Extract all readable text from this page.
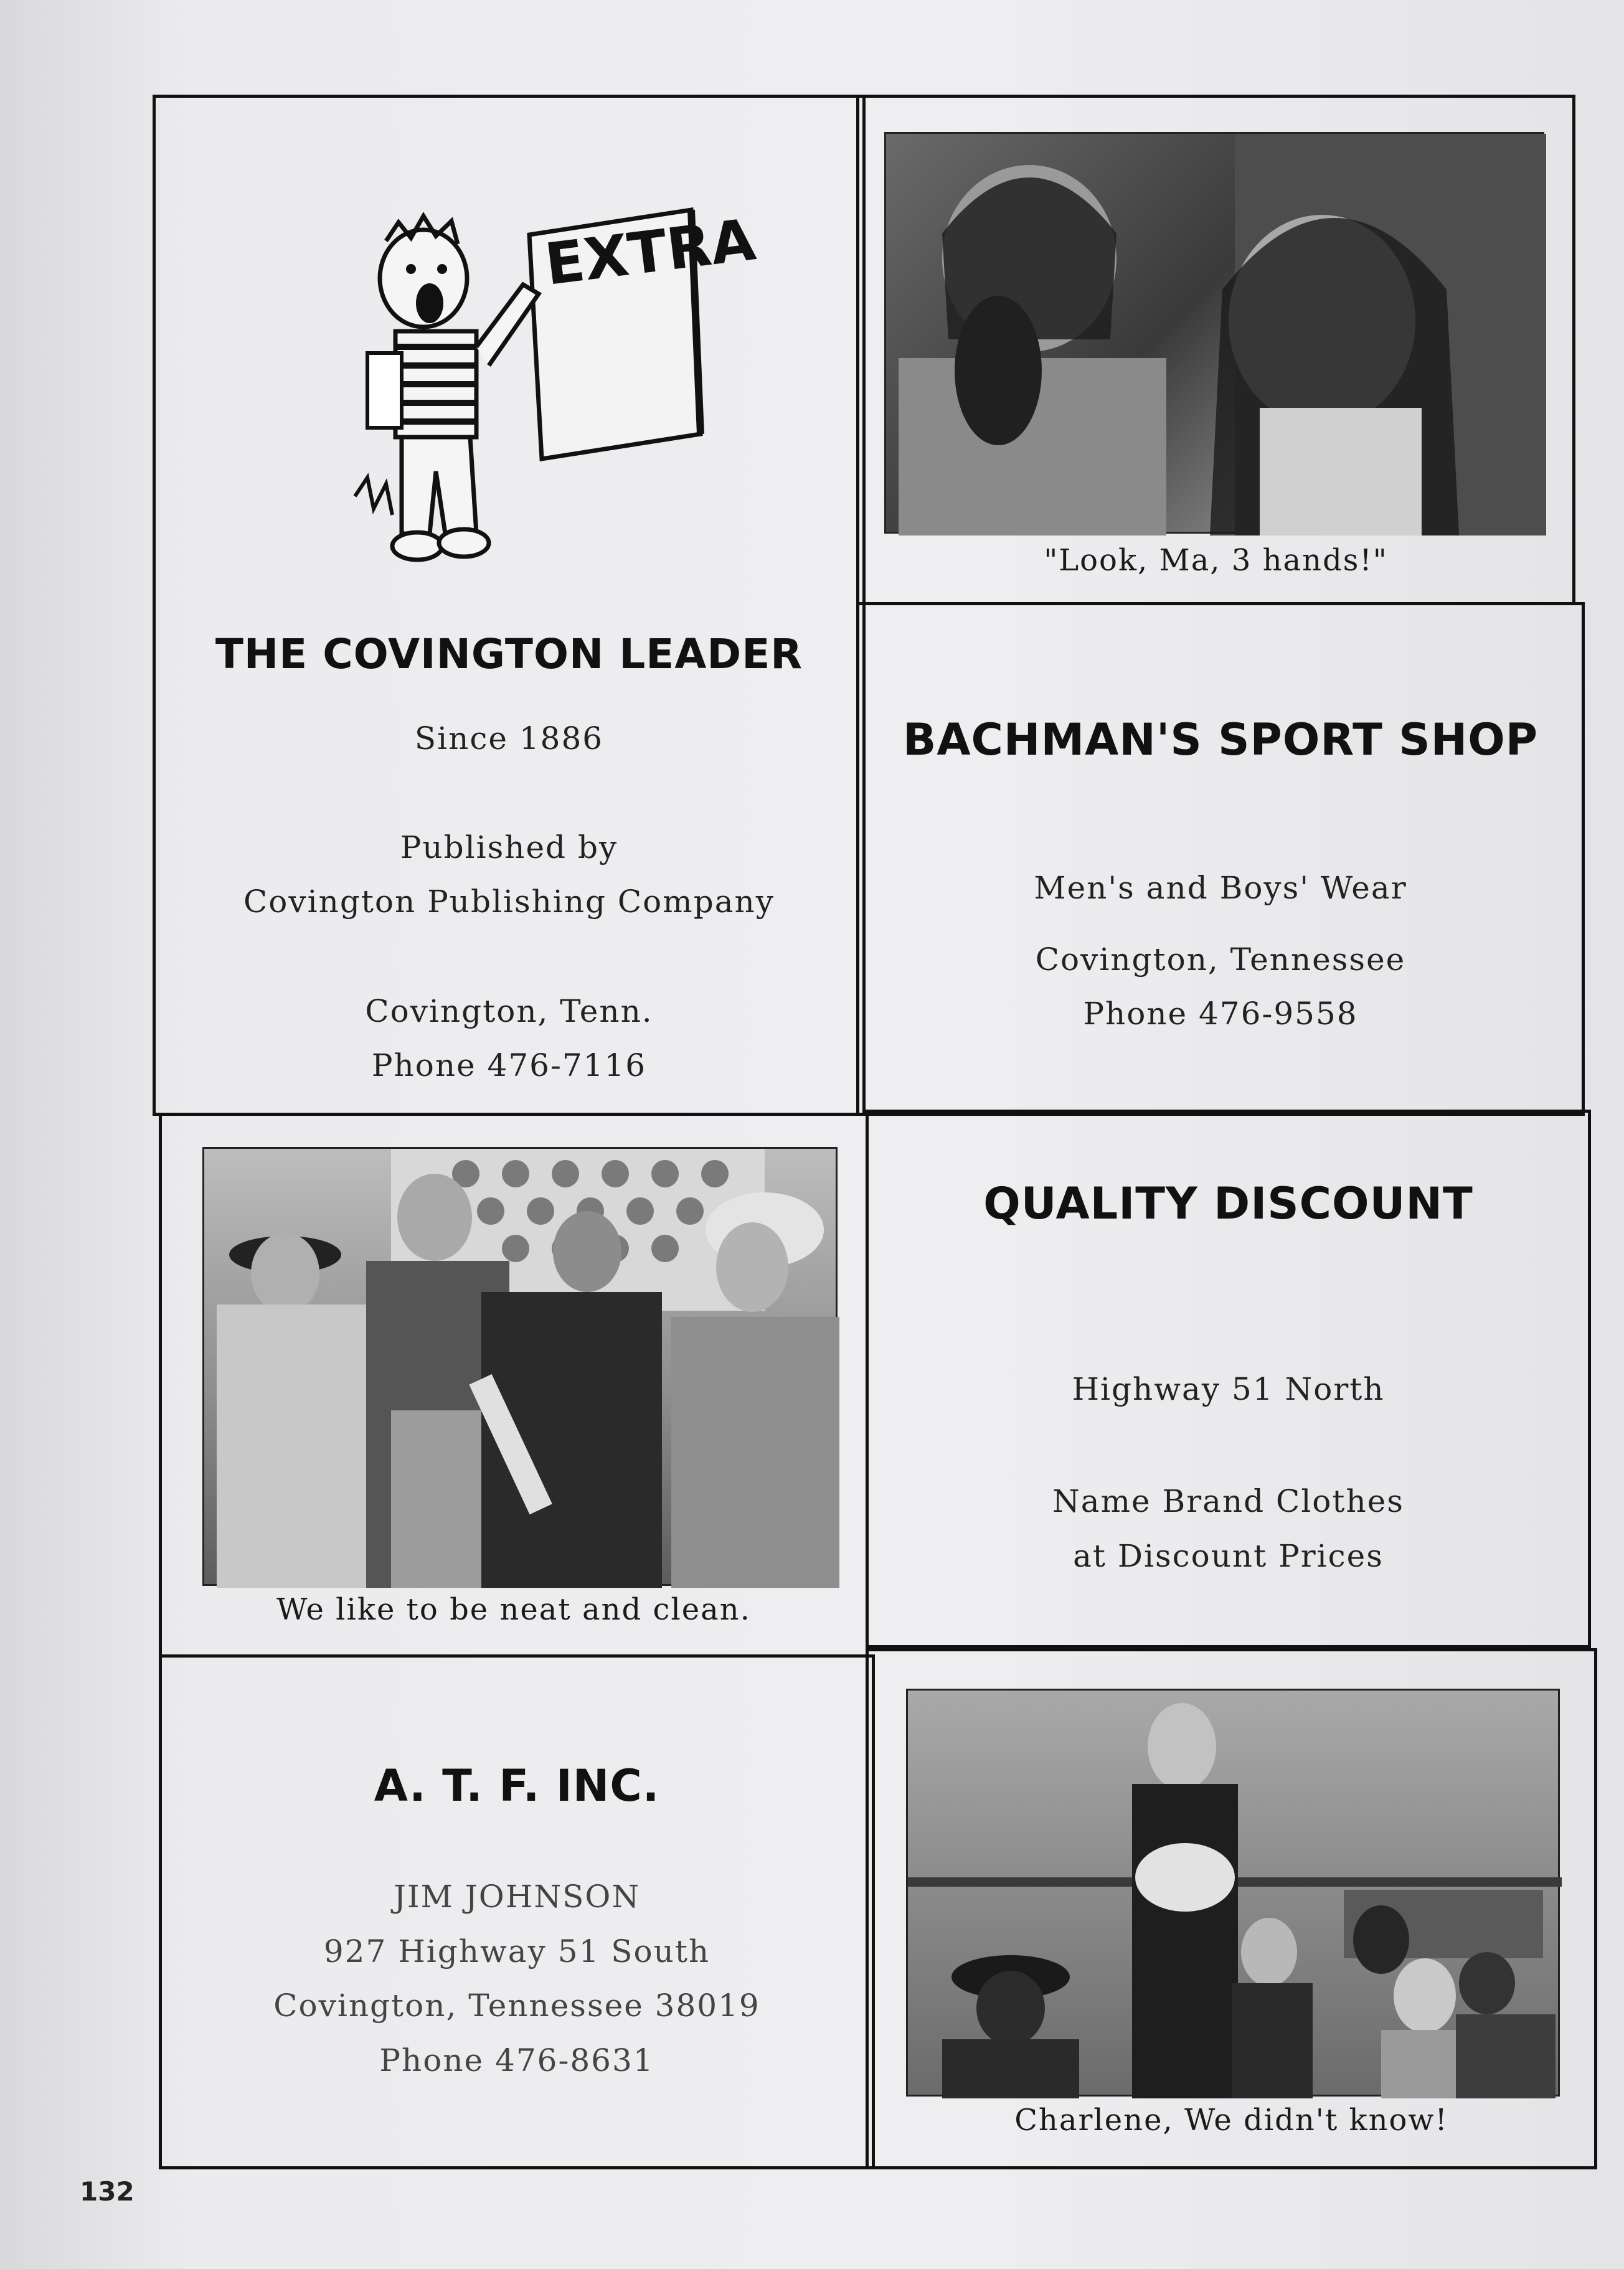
EXTRA
THE COVINGTON LEADER
Since 1886
Published by
Covington Publishing Company
Covington, Tenn.
Phone 476-7116
"Look, Ma, 3 hands!"
BACHMAN'S SPORT SHOP
Men's and Boys' Wear
Covington, Tennessee
Phone 476-9558
We like to be neat and clean.
QUALITY DISCOUNT
Highway 51 North
Name Brand Clothes
at Discount Prices
A. T. F. INC.
JIM JOHNSON
927 Highway 51 South
Covington, Tennessee 38019
Phone 476-8631
Charlene, We didn't know!
132
